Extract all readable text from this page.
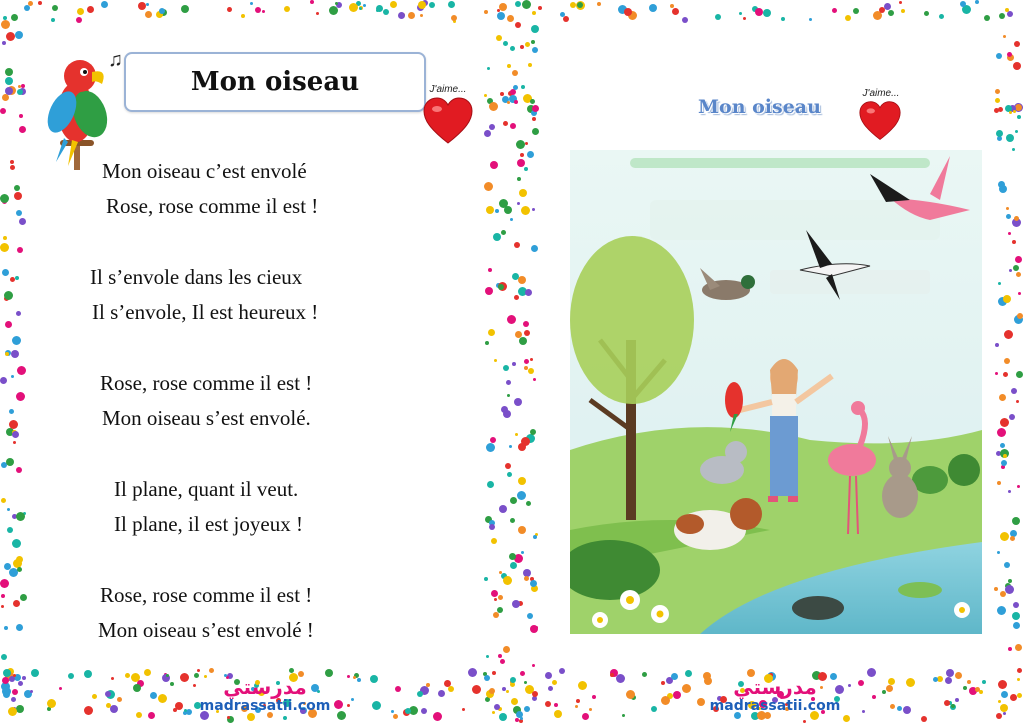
♫
Mon oiseau	J'aime...
Mon oiseau c’est envolé
Rose, rose comme il est !
Il s’envole dans les cieux
Il s’envole, Il est heureux !
Rose, rose comme il est !
Mon oiseau s’est envolé.
Il plane, quant il veut.
Il plane, il est joyeux !
Rose, rose comme il est !
Mon oiseau s’est envolé !
Mon oiseau
J'aime...
مدرستي
madrassatii.com
مدرستي
madrassatii.com
